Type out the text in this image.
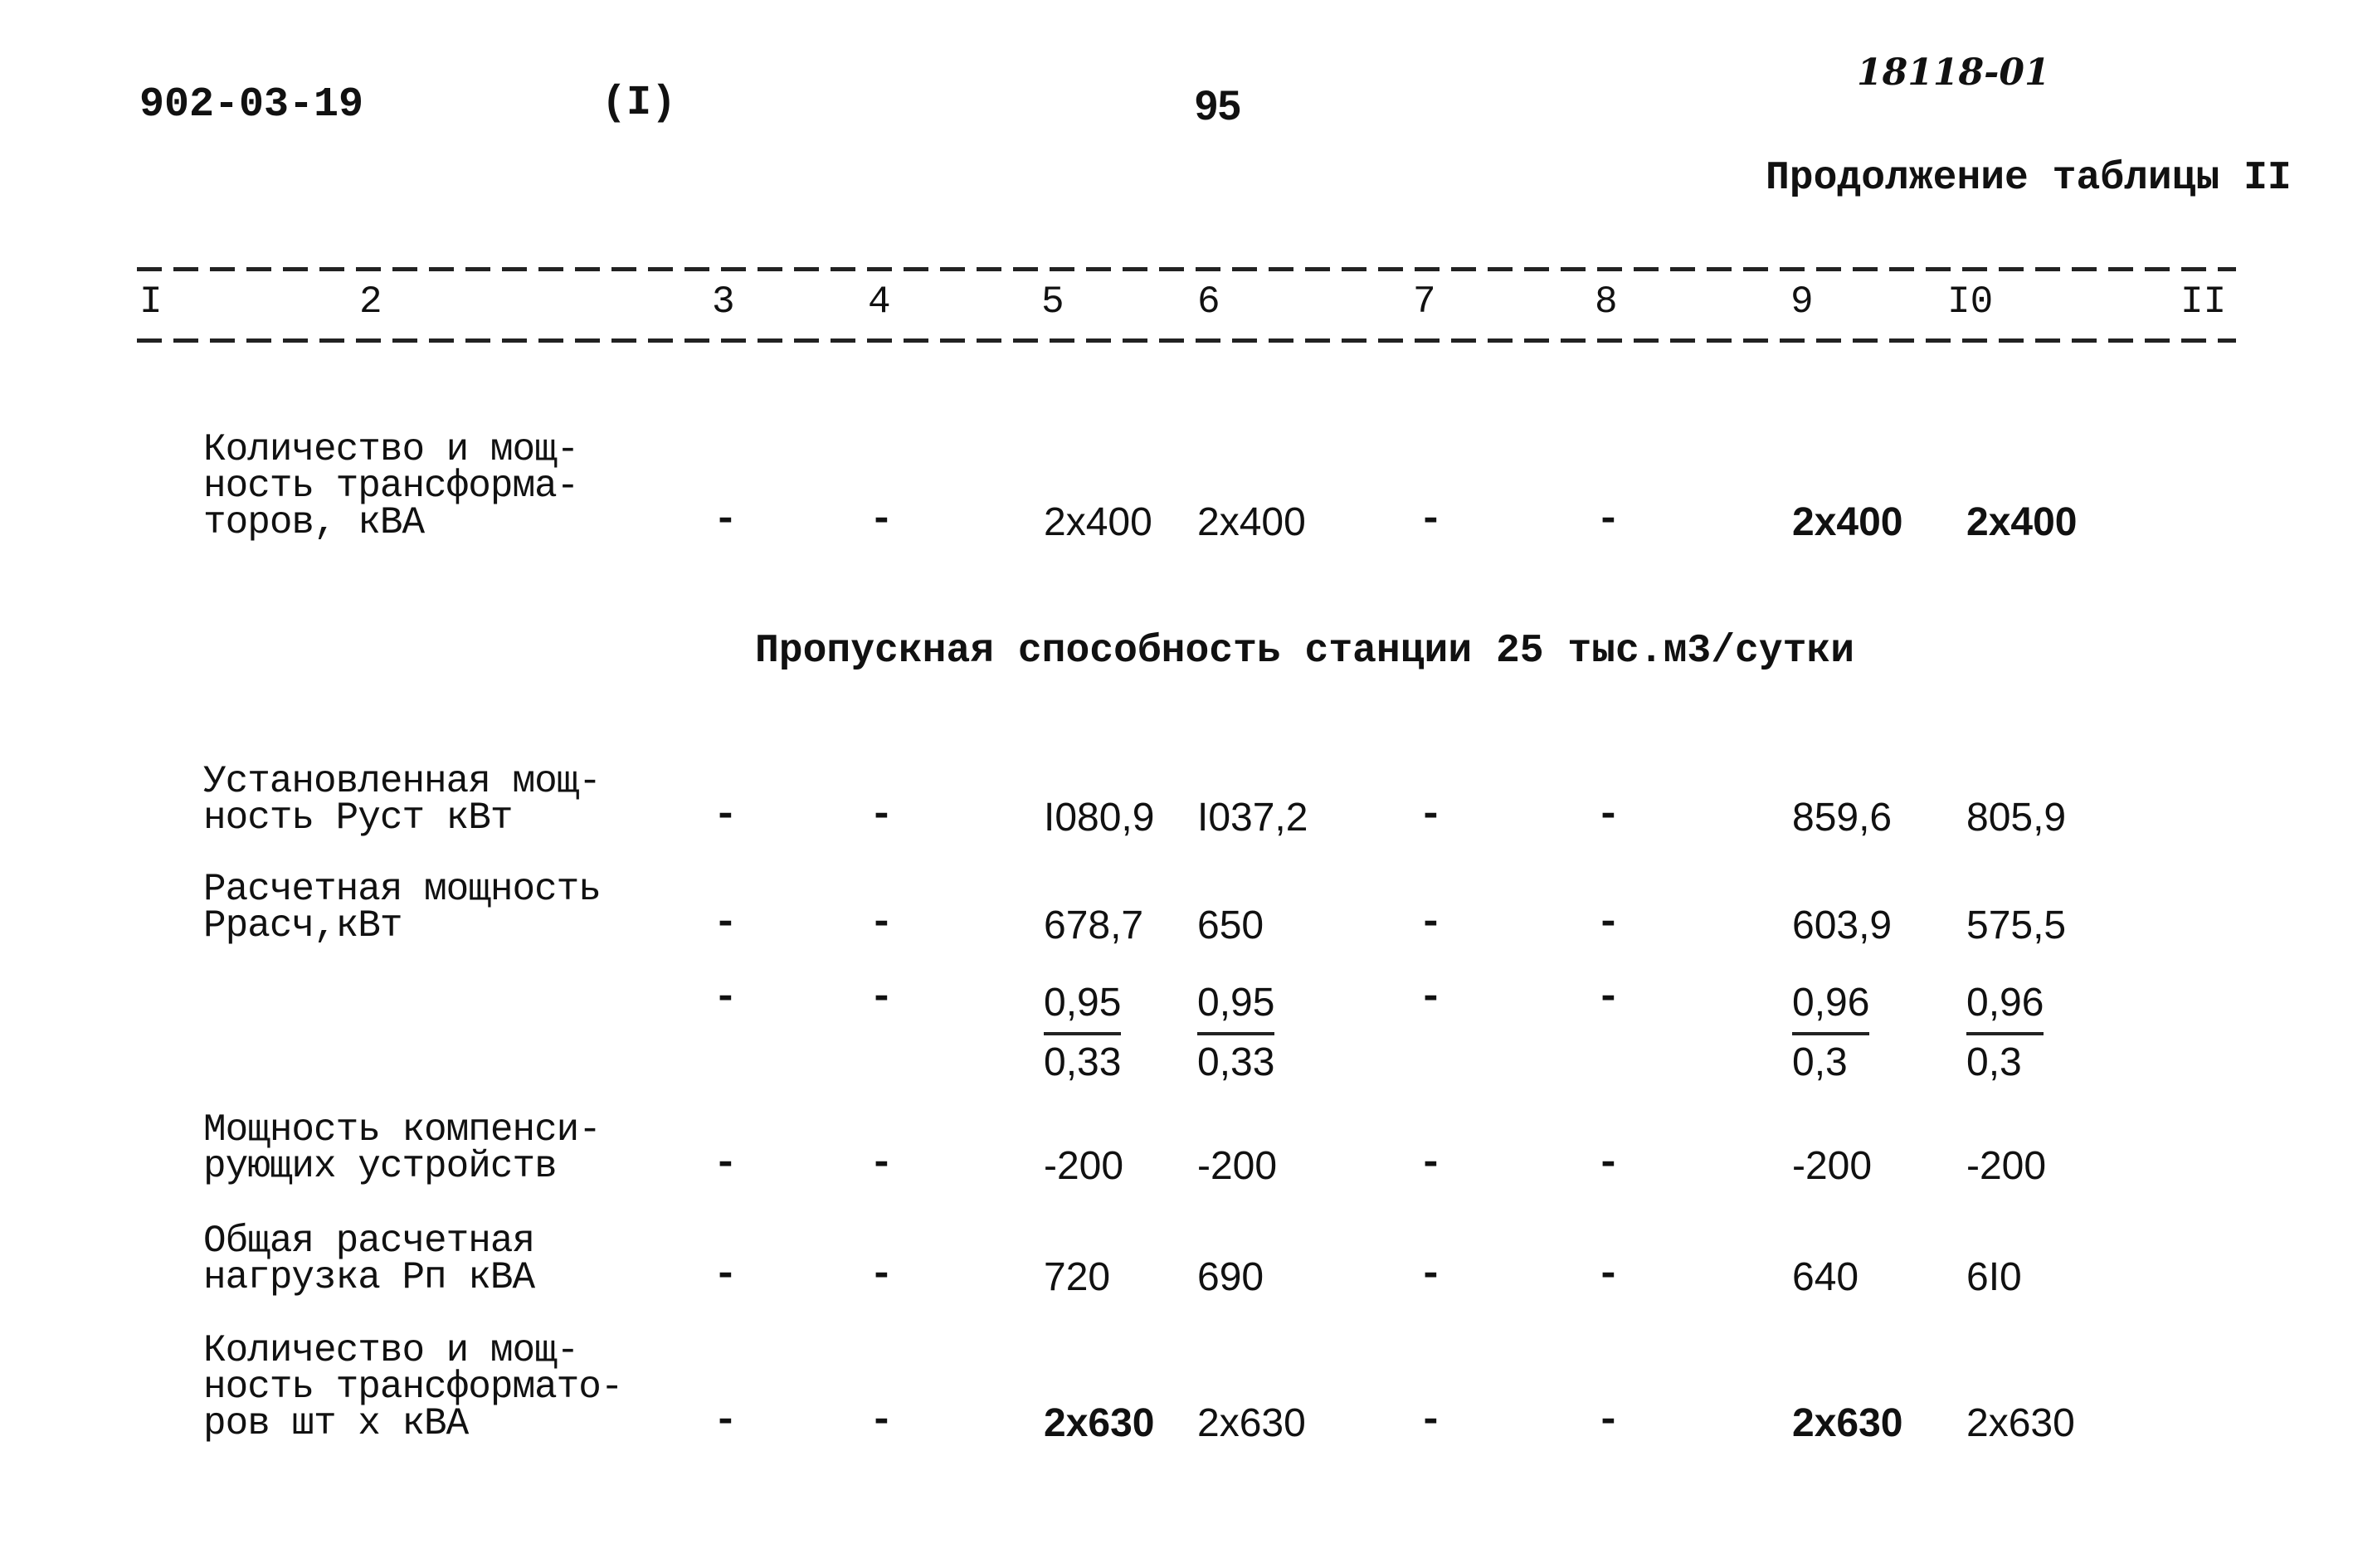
902-03-19	(I)	95
18118-01
Продолжение таблицы II
I	2	3	4	5	6	7	8	9	I0	II
Количество и мощ-
ность трансформа-
торов, кВА	-	-	2x400 2x400	-	-	2x400 2x400
Пропускная способность станции 25 тыс.м3/сутки
Установленная мощ-
ность Руст кВт	-	-	I080,9 I037,2	-	-	859,6 805,9
Расчетная мощность
Ррасч,кВт	-	-	678,7 650	-	-	603,9 575,5
-	-	$\frac{0,95}{0,33} \frac{0,95}{0,33}$	-	-	$\frac{0,96}{0,3} \frac{0,96}{0,3}$
Мощность компенси-
рующих устройств	-	-	-200 -200	-	-	-200 -200
Общая расчетная
нагрузка Рп кВА	-	-	720 690	-	-	640	6I0
Количество и мощ-
ность трансформато-
ров шт х кВА	-	-	2x630 2x630	-	-	2x630 2x630
